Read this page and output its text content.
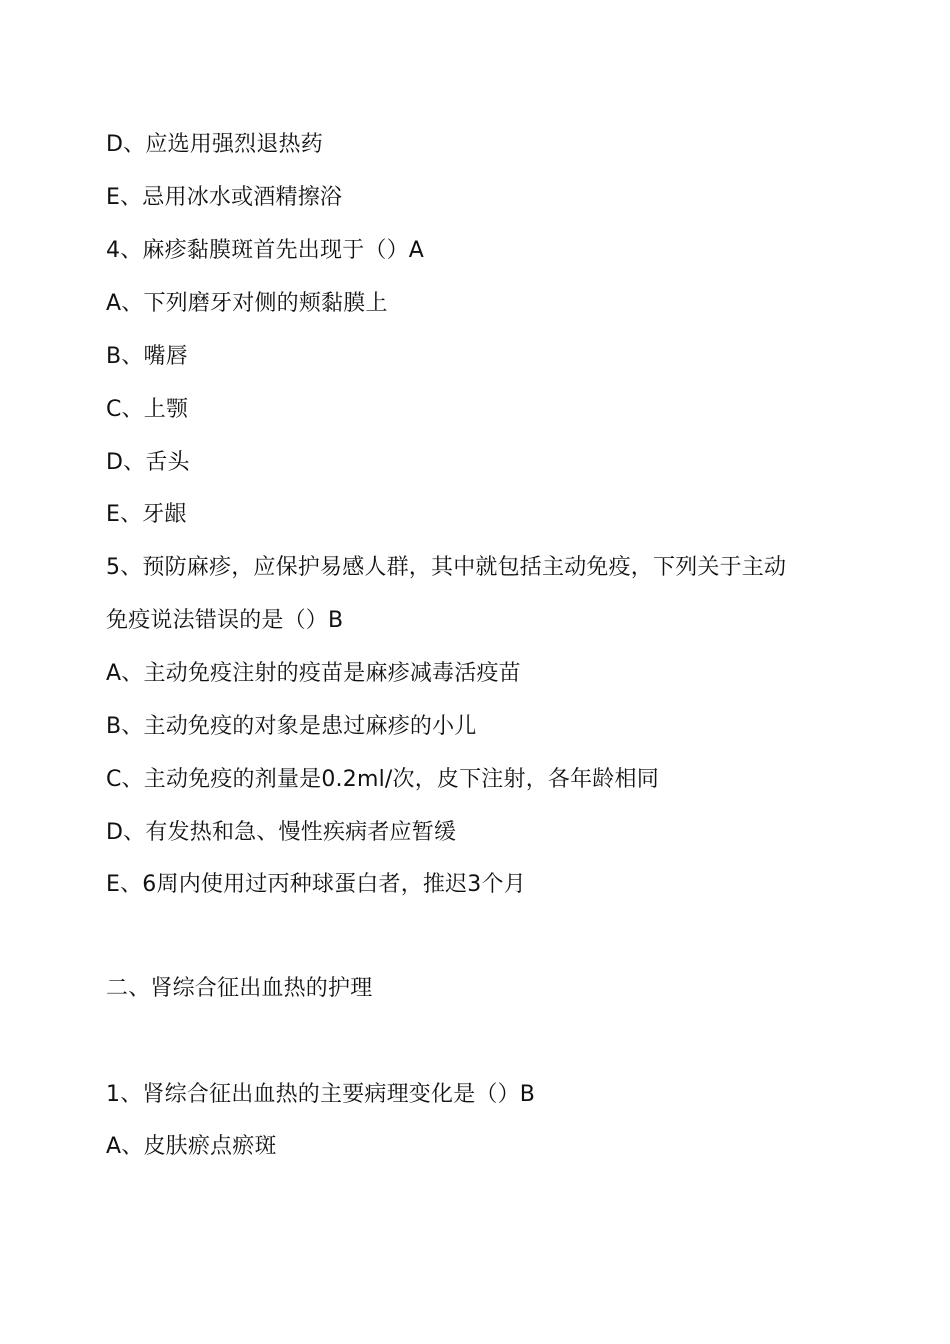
D、应选用强烈退热药
E、忌用冰水或酒精擦浴
4、麻疹黏膜斑首先出现于（）A
A、下列磨牙对侧的颊黏膜上
B、嘴唇
C、上颚
D、舌头
E、牙龈
5、预防麻疹，应保护易感人群，其中就包括主动免疫，下列关于主动
免疫说法错误的是（）B
A、主动免疫注射的疫苗是麻疹减毒活疫苗
B、主动免疫的对象是患过麻疹的小儿
C、主动免疫的剂量是0.2ml/次，皮下注射，各年龄相同
D、有发热和急、慢性疾病者应暂缓
E、6周内使用过丙种球蛋白者，推迟3个月
二、肾综合征出血热的护理
1、肾综合征出血热的主要病理变化是（）B
A、皮肤瘀点瘀斑
